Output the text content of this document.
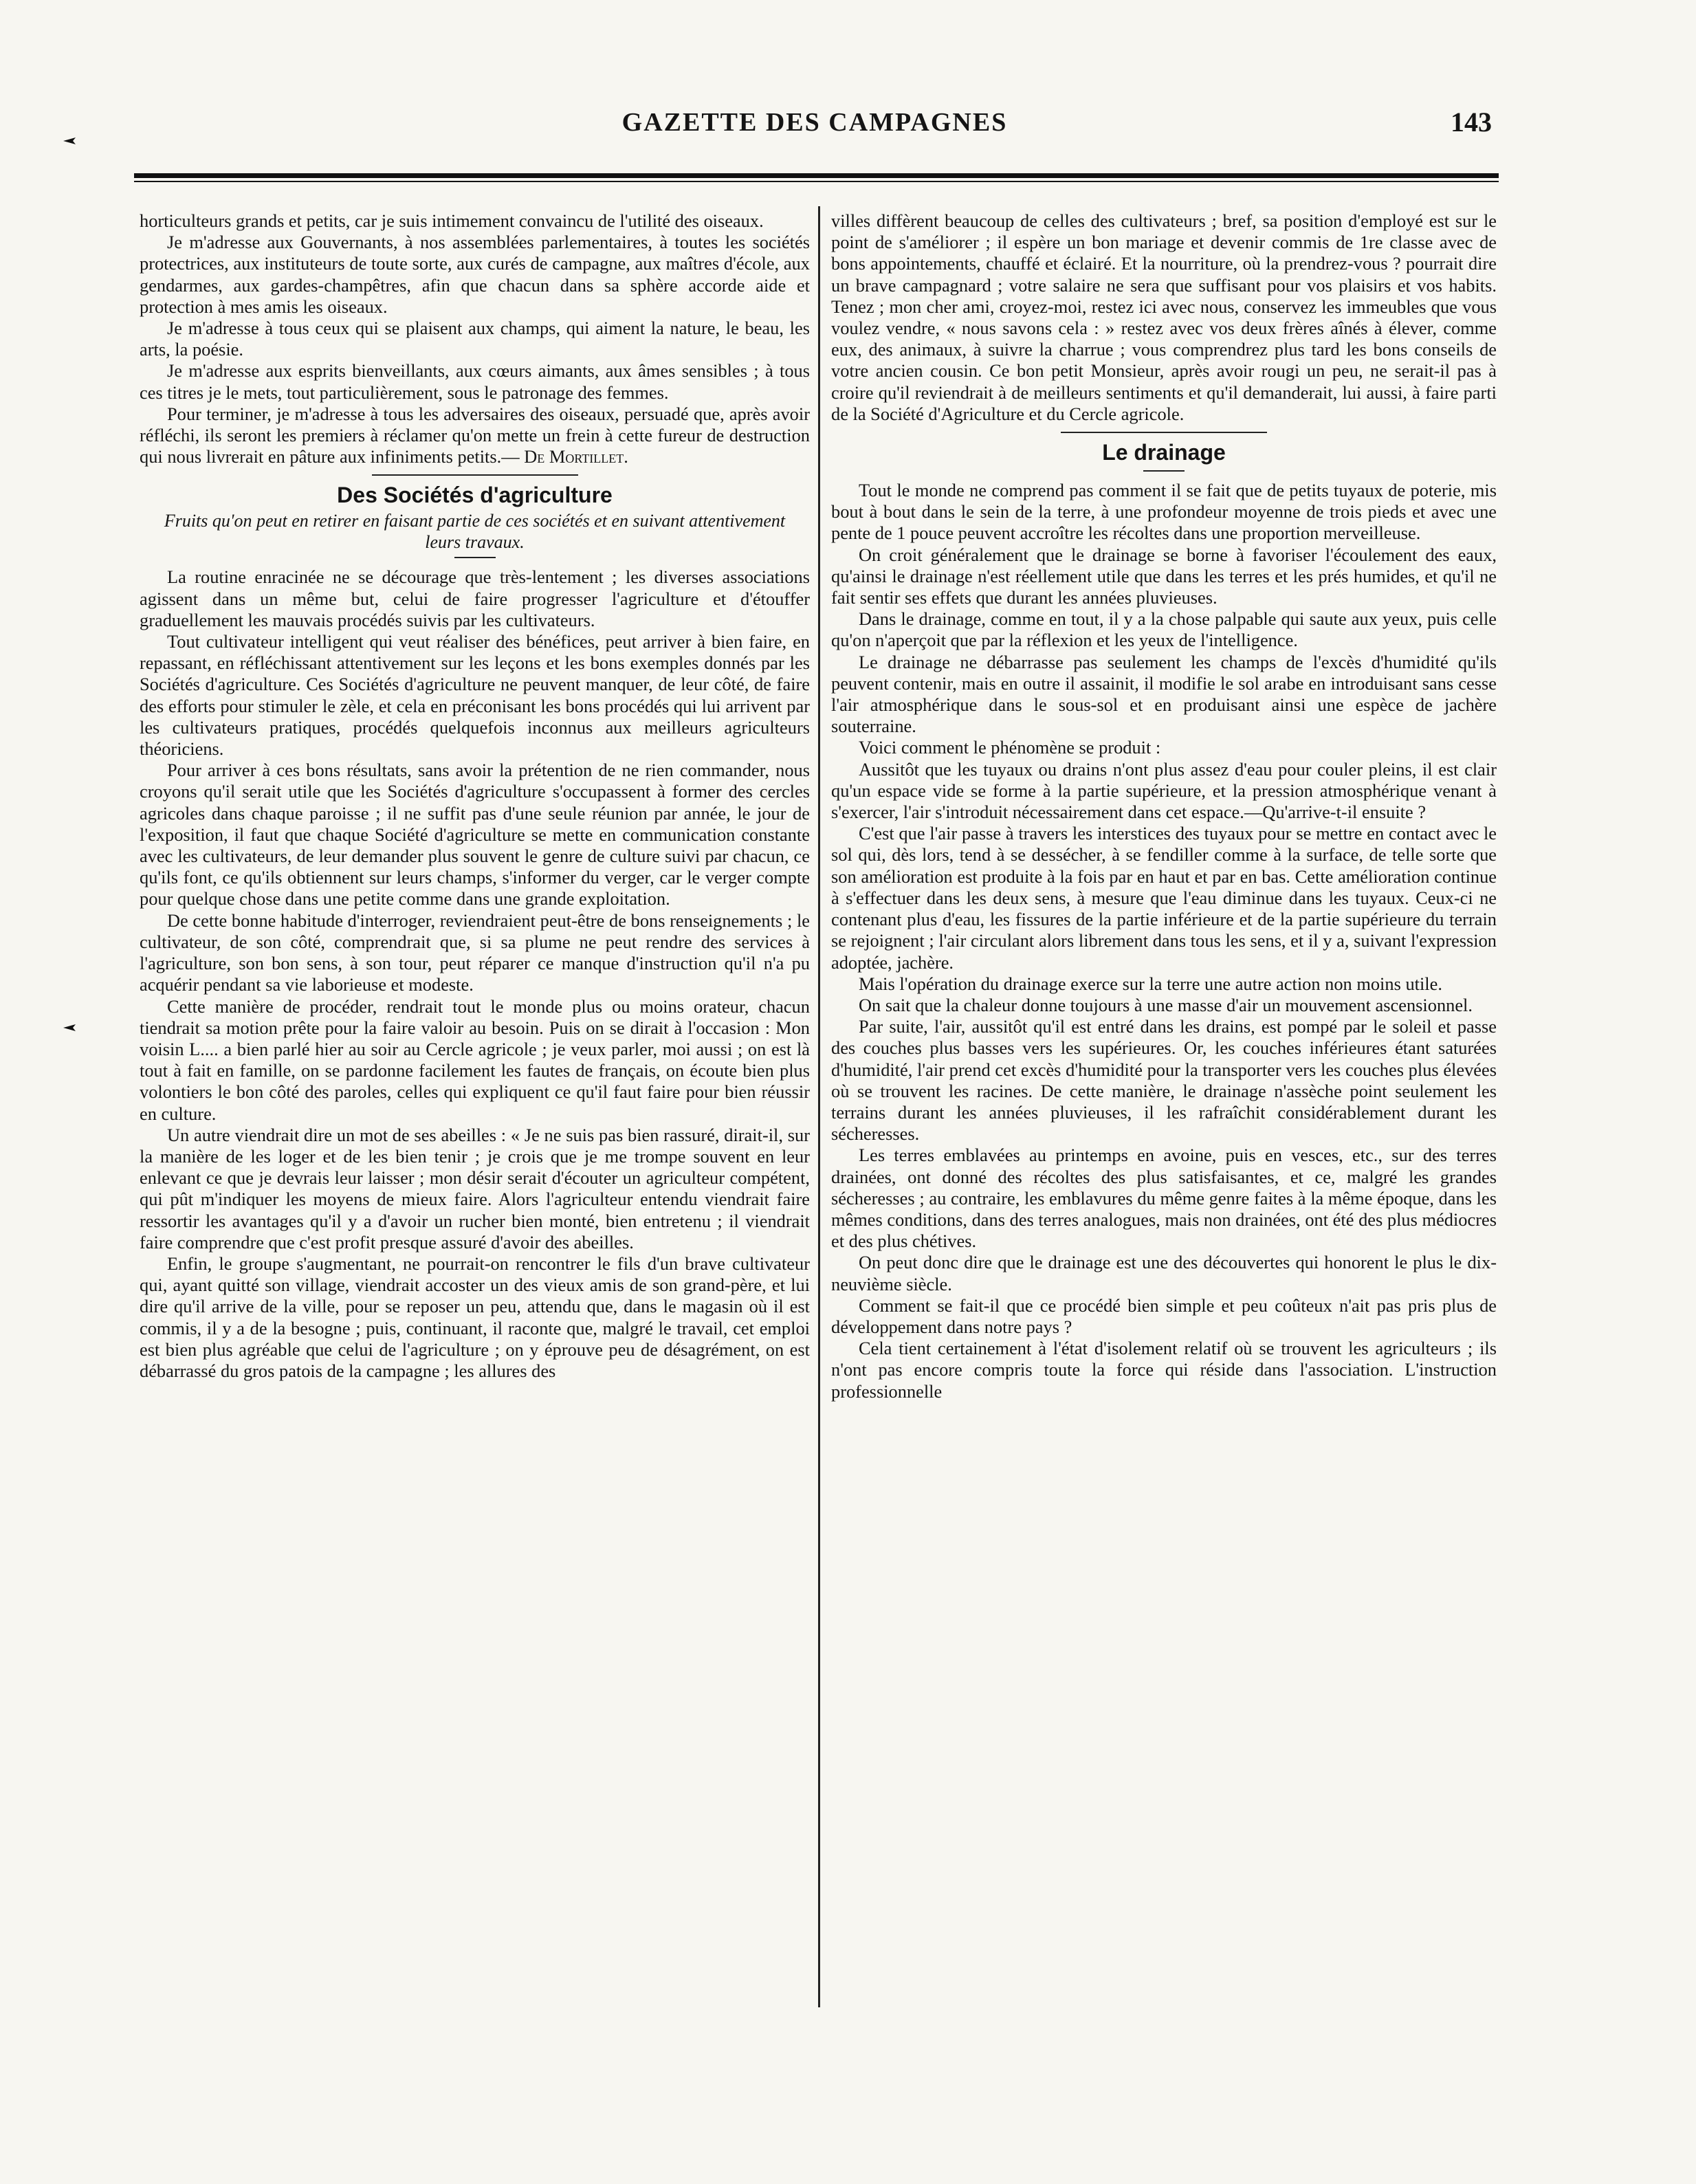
GAZETTE DES CAMPAGNES	143

horticulteurs grands et petits, car je suis intimement convaincu de l'utilité des oiseaux.

Je m'adresse aux Gouvernants, à nos assemblées parlementaires, à toutes les sociétés protectrices, aux instituteurs de toute sorte, aux curés de campagne, aux maîtres d'école, aux gendarmes, aux gardes-champêtres, afin que chacun dans sa sphère accorde aide et protection à mes amis les oiseaux.

Je m'adresse à tous ceux qui se plaisent aux champs, qui aiment la nature, le beau, les arts, la poésie.

Je m'adresse aux esprits bienveillants, aux cœurs aimants, aux âmes sensibles ; à tous ces titres je le mets, tout particulièrement, sous le patronage des femmes.

Pour terminer, je m'adresse à tous les adversaires des oiseaux, persuadé que, après avoir réfléchi, ils seront les premiers à réclamer qu'on mette un frein à cette fureur de destruction qui nous livrerait en pâture aux infiniments petits.— De Mortillet.

Des Sociétés d'agriculture
Fruits qu'on peut en retirer en faisant partie de ces sociétés et en suivant attentivement leurs travaux.

La routine enracinée ne se décourage que très-lentement ; les diverses associations agissent dans un même but, celui de faire progresser l'agriculture et d'étouffer graduellement les mauvais procédés suivis par les cultivateurs.

Tout cultivateur intelligent qui veut réaliser des bénéfices, peut arriver à bien faire, en repassant, en réfléchissant attentivement sur les leçons et les bons exemples donnés par les Sociétés d'agriculture. Ces Sociétés d'agriculture ne peuvent manquer, de leur côté, de faire des efforts pour stimuler le zèle, et cela en préconisant les bons procédés qui lui arrivent par les cultivateurs pratiques, procédés quelquefois inconnus aux meilleurs agriculteurs théoriciens.

Pour arriver à ces bons résultats, sans avoir la prétention de ne rien commander, nous croyons qu'il serait utile que les Sociétés d'agriculture s'occupassent à former des cercles agricoles dans chaque paroisse ; il ne suffit pas d'une seule réunion par année, le jour de l'exposition, il faut que chaque Société d'agriculture se mette en communication constante avec les cultivateurs, de leur demander plus souvent le genre de culture suivi par chacun, ce qu'ils font, ce qu'ils obtiennent sur leurs champs, s'informer du verger, car le verger compte pour quelque chose dans une petite comme dans une grande exploitation.

De cette bonne habitude d'interroger, reviendraient peut-être de bons renseignements ; le cultivateur, de son côté, comprendrait que, si sa plume ne peut rendre des services à l'agriculture, son bon sens, à son tour, peut réparer ce manque d'instruction qu'il n'a pu acquérir pendant sa vie laborieuse et modeste.

Cette manière de procéder, rendrait tout le monde plus ou moins orateur, chacun tiendrait sa motion prête pour la faire valoir au besoin. Puis on se dirait à l'occasion : Mon voisin L.... a bien parlé hier au soir au Cercle agricole ; je veux parler, moi aussi ; on est là tout à fait en famille, on se pardonne facilement les fautes de français, on écoute bien plus volontiers le bon côté des paroles, celles qui expliquent ce qu'il faut faire pour bien réussir en culture.

Un autre viendrait dire un mot de ses abeilles : « Je ne suis pas bien rassuré, dirait-il, sur la manière de les loger et de les bien tenir ; je crois que je me trompe souvent en leur enlevant ce que je devrais leur laisser ; mon désir serait d'écouter un agriculteur compétent, qui pût m'indiquer les moyens de mieux faire. Alors l'agriculteur entendu viendrait faire ressortir les avantages qu'il y a d'avoir un rucher bien monté, bien entretenu ; il viendrait faire comprendre que c'est profit presque assuré d'avoir des abeilles.

Enfin, le groupe s'augmentant, ne pourrait-on rencontrer le fils d'un brave cultivateur qui, ayant quitté son village, viendrait accoster un des vieux amis de son grand-père, et lui dire qu'il arrive de la ville, pour se reposer un peu, attendu que, dans le magasin où il est commis, il y a de la besogne ; puis, continuant, il raconte que, malgré le travail, cet emploi est bien plus agréable que celui de l'agriculture ; on y éprouve peu de désagrément, on est débarrassé du gros patois de la campagne ; les allures des

villes diffèrent beaucoup de celles des cultivateurs ; bref, sa position d'employé est sur le point de s'améliorer ; il espère un bon mariage et devenir commis de 1re classe avec de bons appointements, chauffé et éclairé. Et la nourriture, où la prendrez-vous ? pourrait dire un brave campagnard ; votre salaire ne sera que suffisant pour vos plaisirs et vos habits. Tenez ; mon cher ami, croyez-moi, restez ici avec nous, conservez les immeubles que vous voulez vendre, « nous savons cela : » restez avec vos deux frères aînés à élever, comme eux, des animaux, à suivre la charrue ; vous comprendrez plus tard les bons conseils de votre ancien cousin. Ce bon petit Monsieur, après avoir rougi un peu, ne serait-il pas à croire qu'il reviendrait à de meilleurs sentiments et qu'il demanderait, lui aussi, à faire parti de la Société d'Agriculture et du Cercle agricole.

Le drainage

Tout le monde ne comprend pas comment il se fait que de petits tuyaux de poterie, mis bout à bout dans le sein de la terre, à une profondeur moyenne de trois pieds et avec une pente de 1 pouce peuvent accroître les récoltes dans une proportion merveilleuse.

On croit généralement que le drainage se borne à favoriser l'écoulement des eaux, qu'ainsi le drainage n'est réellement utile que dans les terres et les prés humides, et qu'il ne fait sentir ses effets que durant les années pluvieuses.

Dans le drainage, comme en tout, il y a la chose palpable qui saute aux yeux, puis celle qu'on n'aperçoit que par la réflexion et les yeux de l'intelligence.

Le drainage ne débarrasse pas seulement les champs de l'excès d'humidité qu'ils peuvent contenir, mais en outre il assainit, il modifie le sol arabe en introduisant sans cesse l'air atmosphérique dans le sous-sol et en produisant ainsi une espèce de jachère souterraine.

Voici comment le phénomène se produit :

Aussitôt que les tuyaux ou drains n'ont plus assez d'eau pour couler pleins, il est clair qu'un espace vide se forme à la partie supérieure, et la pression atmosphérique venant à s'exercer, l'air s'introduit nécessairement dans cet espace.—Qu'arrive-t-il ensuite ?

C'est que l'air passe à travers les interstices des tuyaux pour se mettre en contact avec le sol qui, dès lors, tend à se dessécher, à se fendiller comme à la surface, de telle sorte que son amélioration est produite à la fois par en haut et par en bas. Cette amélioration continue à s'effectuer dans les deux sens, à mesure que l'eau diminue dans les tuyaux. Ceux-ci ne contenant plus d'eau, les fissures de la partie inférieure et de la partie supérieure du terrain se rejoignent ; l'air circulant alors librement dans tous les sens, et il y a, suivant l'expression adoptée, jachère.

Mais l'opération du drainage exerce sur la terre une autre action non moins utile.

On sait que la chaleur donne toujours à une masse d'air un mouvement ascensionnel.

Par suite, l'air, aussitôt qu'il est entré dans les drains, est pompé par le soleil et passe des couches plus basses vers les supérieures. Or, les couches inférieures étant saturées d'humidité, l'air prend cet excès d'humidité pour la transporter vers les couches plus élevées où se trouvent les racines. De cette manière, le drainage n'assèche point seulement les terrains durant les années pluvieuses, il les rafraîchit considérablement durant les sécheresses.

Les terres emblavées au printemps en avoine, puis en vesces, etc., sur des terres drainées, ont donné des récoltes des plus satisfaisantes, et ce, malgré les grandes sécheresses ; au contraire, les emblavures du même genre faites à la même époque, dans les mêmes conditions, dans des terres analogues, mais non drainées, ont été des plus médiocres et des plus chétives.

On peut donc dire que le drainage est une des découvertes qui honorent le plus le dix-neuvième siècle.

Comment se fait-il que ce procédé bien simple et peu coûteux n'ait pas pris plus de développement dans notre pays ?

Cela tient certainement à l'état d'isolement relatif où se trouvent les agriculteurs ; ils n'ont pas encore compris toute la force qui réside dans l'association. L'instruction professionnelle
